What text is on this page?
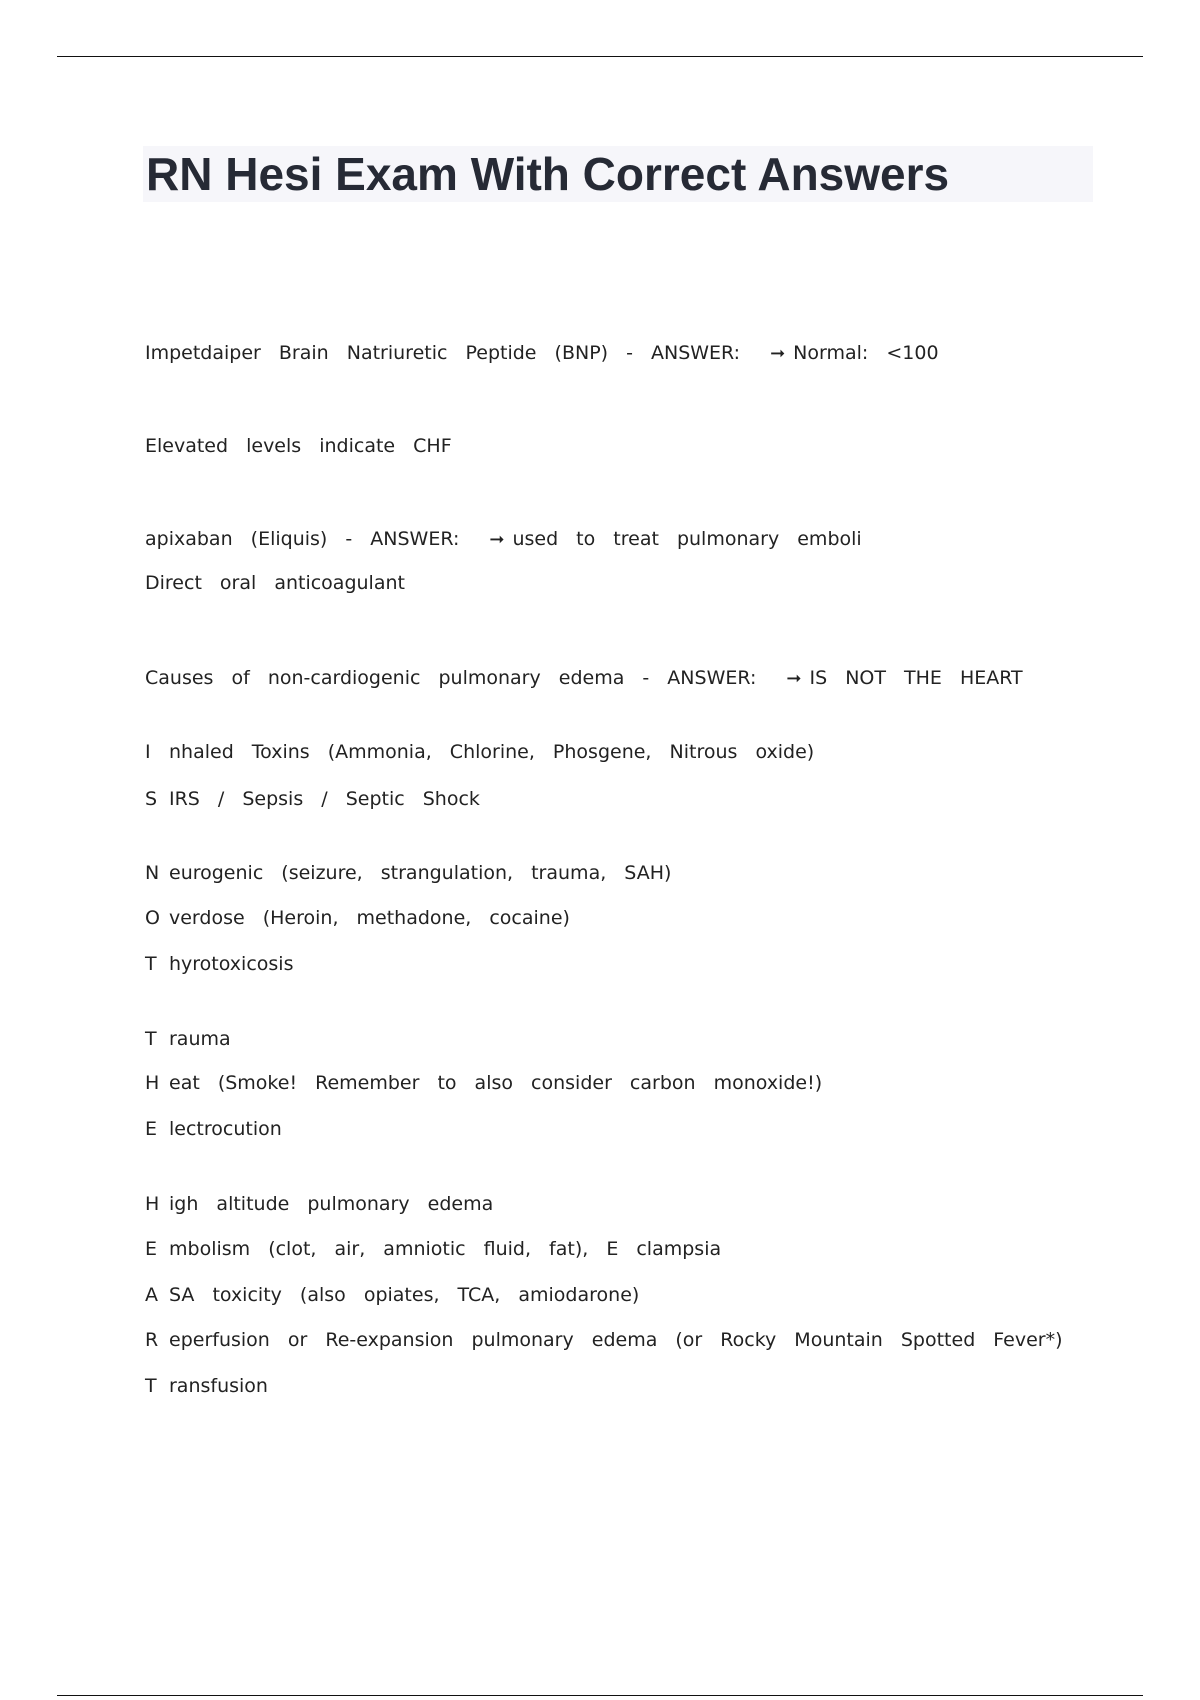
RN Hesi Exam With Correct Answers
Impetdaiper Brain Natriuretic Peptide (BNP) - ANSWER: ➞ Normal: <100
Elevated levels indicate CHF
apixaban (Eliquis) - ANSWER: ➞ used to treat pulmonary emboli
Direct oral anticoagulant
Causes of non-cardiogenic pulmonary edema - ANSWER: ➞ IS NOT THE HEART
I nhaled Toxins (Ammonia, Chlorine, Phosgene, Nitrous oxide)
S IRS / Sepsis / Septic Shock
N eurogenic (seizure, strangulation, trauma, SAH)
O verdose (Heroin, methadone, cocaine)
T hyrotoxicosis
T rauma
H eat (Smoke! Remember to also consider carbon monoxide!)
E lectrocution
H igh altitude pulmonary edema
E mbolism (clot, air, amniotic fluid, fat), E clampsia
A SA toxicity (also opiates, TCA, amiodarone)
R eperfusion or Re-expansion pulmonary edema (or Rocky Mountain Spotted Fever*)
T ransfusion
